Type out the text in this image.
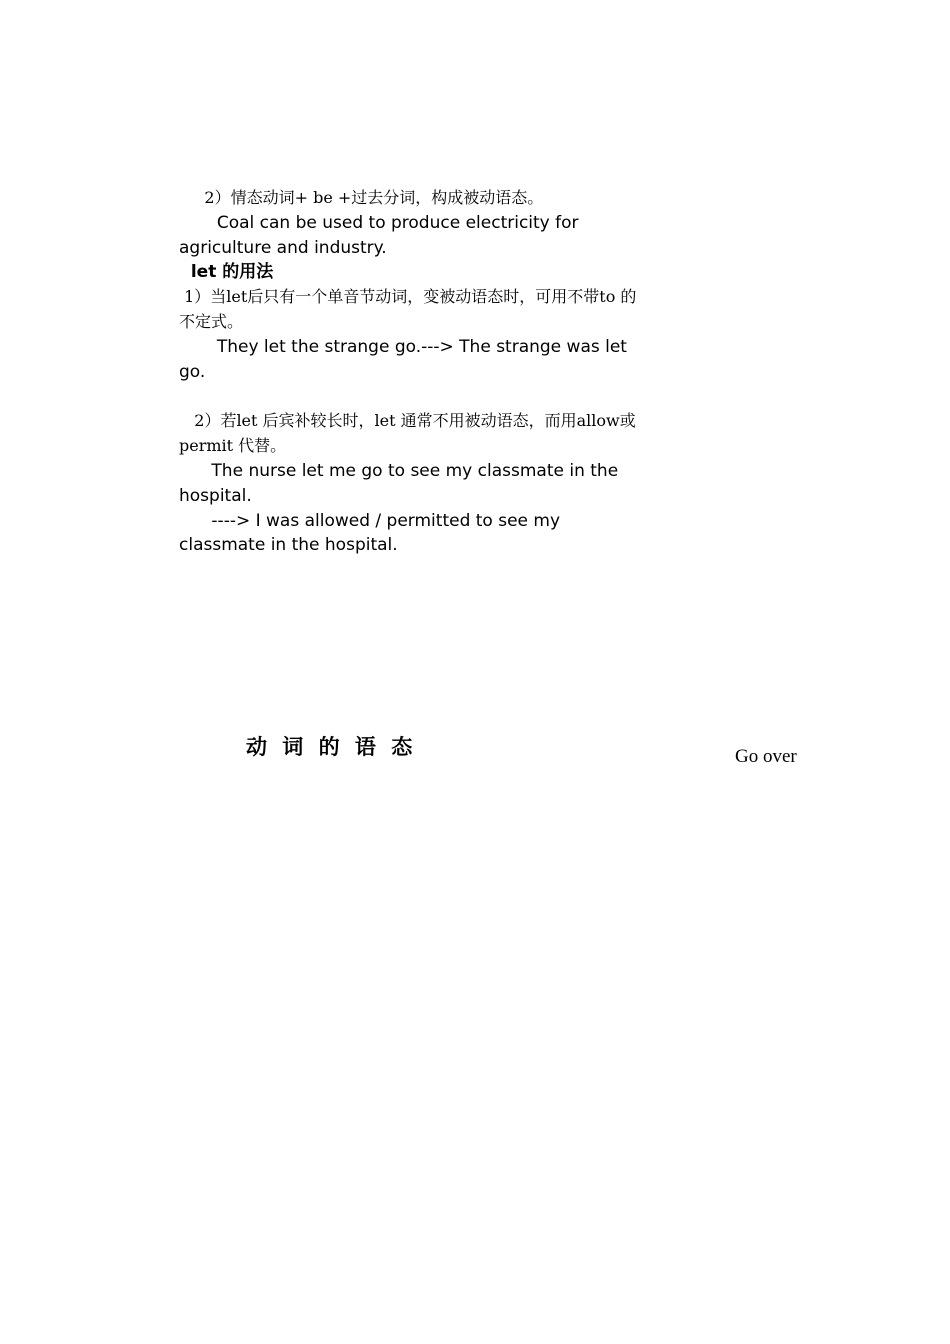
2）情态动词+ be +过去分词，构成被动语态。

Coal can be used to produce electricity for agriculture and industry.

let 的用法

1）当let后只有一个单音节动词，变被动语态时，可用不带to 的不定式。

They let the strange go.---> The strange was let go.

2）若let 后宾补较长时，let 通常不用被动语态，而用allow或permit 代替。

The nurse let me go to see my classmate in the hospital.

----> I was allowed / permitted to see my classmate in the hospital.

动 词 的 语 态	Go over
